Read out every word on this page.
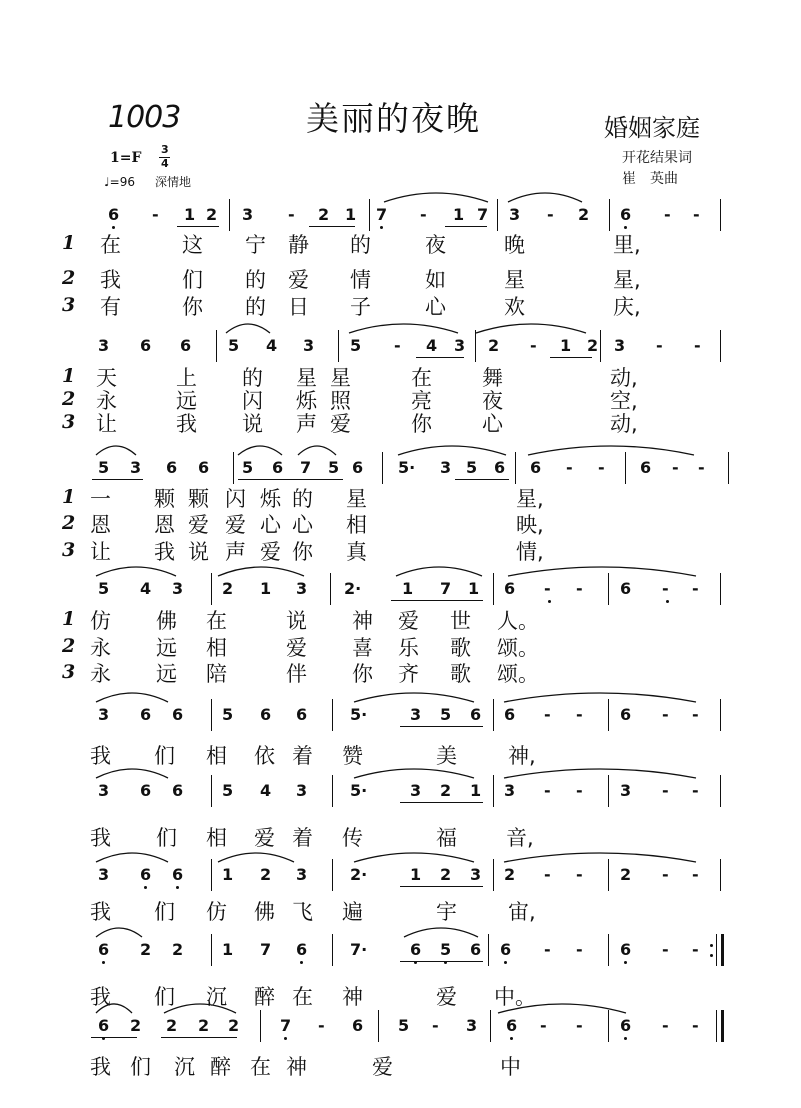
1003	美丽的夜晚	婚姻家庭
1=F
3
4
♩=96 深情地
开花结果词
崔　英曲
6 - 1 2 3 - 2 1 7 - 1 7 3 - 2 6 - -
1 在	这 宁 静 的	夜	晚	里,
2 我	们 的 爱 情	如	星	星,
3 有	你 的 日 子	心	欢	庆,
3 6 6 5 4 3 5 - 4 3 2 - 1 2 3 - -
1 天	上 的 星 星	在 舞	动,
2 永	远 闪 烁 照	亮 夜	空,
3 让	我 说 声 爱	你 心	动,
5 3 6 6 5 6 7 5 6 5· 3 5 6 6 - - 6 - -
1 一 颗 颗 闪 烁 的 星	星,
2 恩 恩 爱 爱 心 心 相	映,
3 让 我 说 声 爱 你 真	情,
5 4 3 2 1 3 2·	1 7 1 6 - - 6 - -
1 仿 佛 在	说 神 爱 世 人。
2 永 远 相	爱 喜 乐 歌 颂。
3 永 远 陪	伴 你 齐 歌 颂。
3 6 6 5 6 6	5·	3 5 6 6 - - 6 - -
我 们 相 依 着 赞	美 神,
3 6 6 5 4 3	5·	3 2 1 3 - - 3 - -
我 们 相 爱 着 传	福 音,
3 6 6 1 2 3	2·	1 2 3 2 - - 2 - -
我 们 仿 佛 飞 遍	宇 宙,
6 2 2 1 7 6	7·	6 5 6 6 - - 6 - -
我 们 沉 醉 在 神	爱 中。
6 2 2 2 2	7 - 6 5 - 3 6 - - 6 - -
我 们 沉 醉 在 神	爱	中
